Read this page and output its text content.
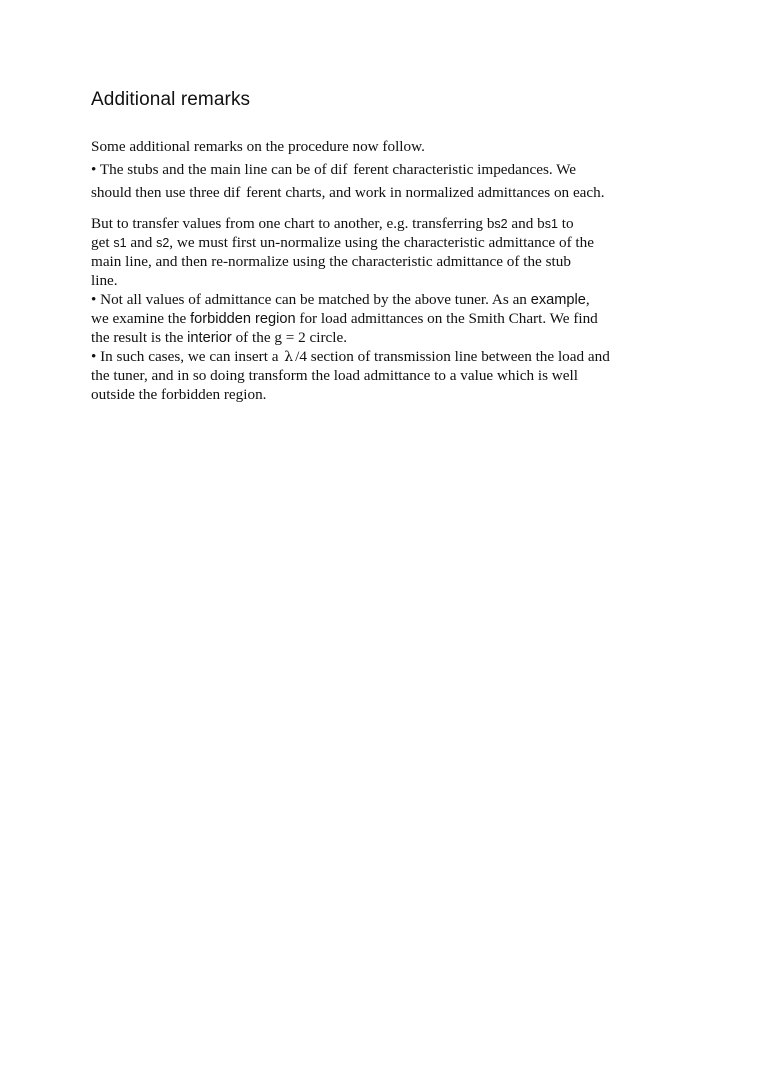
Additional remarks
Some additional remarks on the procedure now follow.
• The stubs and the main line can be of dif ferent characteristic impedances. We
should then use three dif ferent charts, and work in normalized admittances on each.
But to transfer values from one chart to another, e.g. transferring bs2 and bs1 to
get s1 and s2, we must first un-normalize using the characteristic admittance of the
main line, and then re-normalize using the characteristic admittance of the stub
line.
• Not all values of admittance can be matched by the above tuner. As an example,
we examine the forbidden region for load admittances on the Smith Chart. We find
the result is the interior of the g = 2 circle.
• In such cases, we can insert a λ /4 section of transmission line between the load and
the tuner, and in so doing transform the load admittance to a value which is well
outside the forbidden region.
